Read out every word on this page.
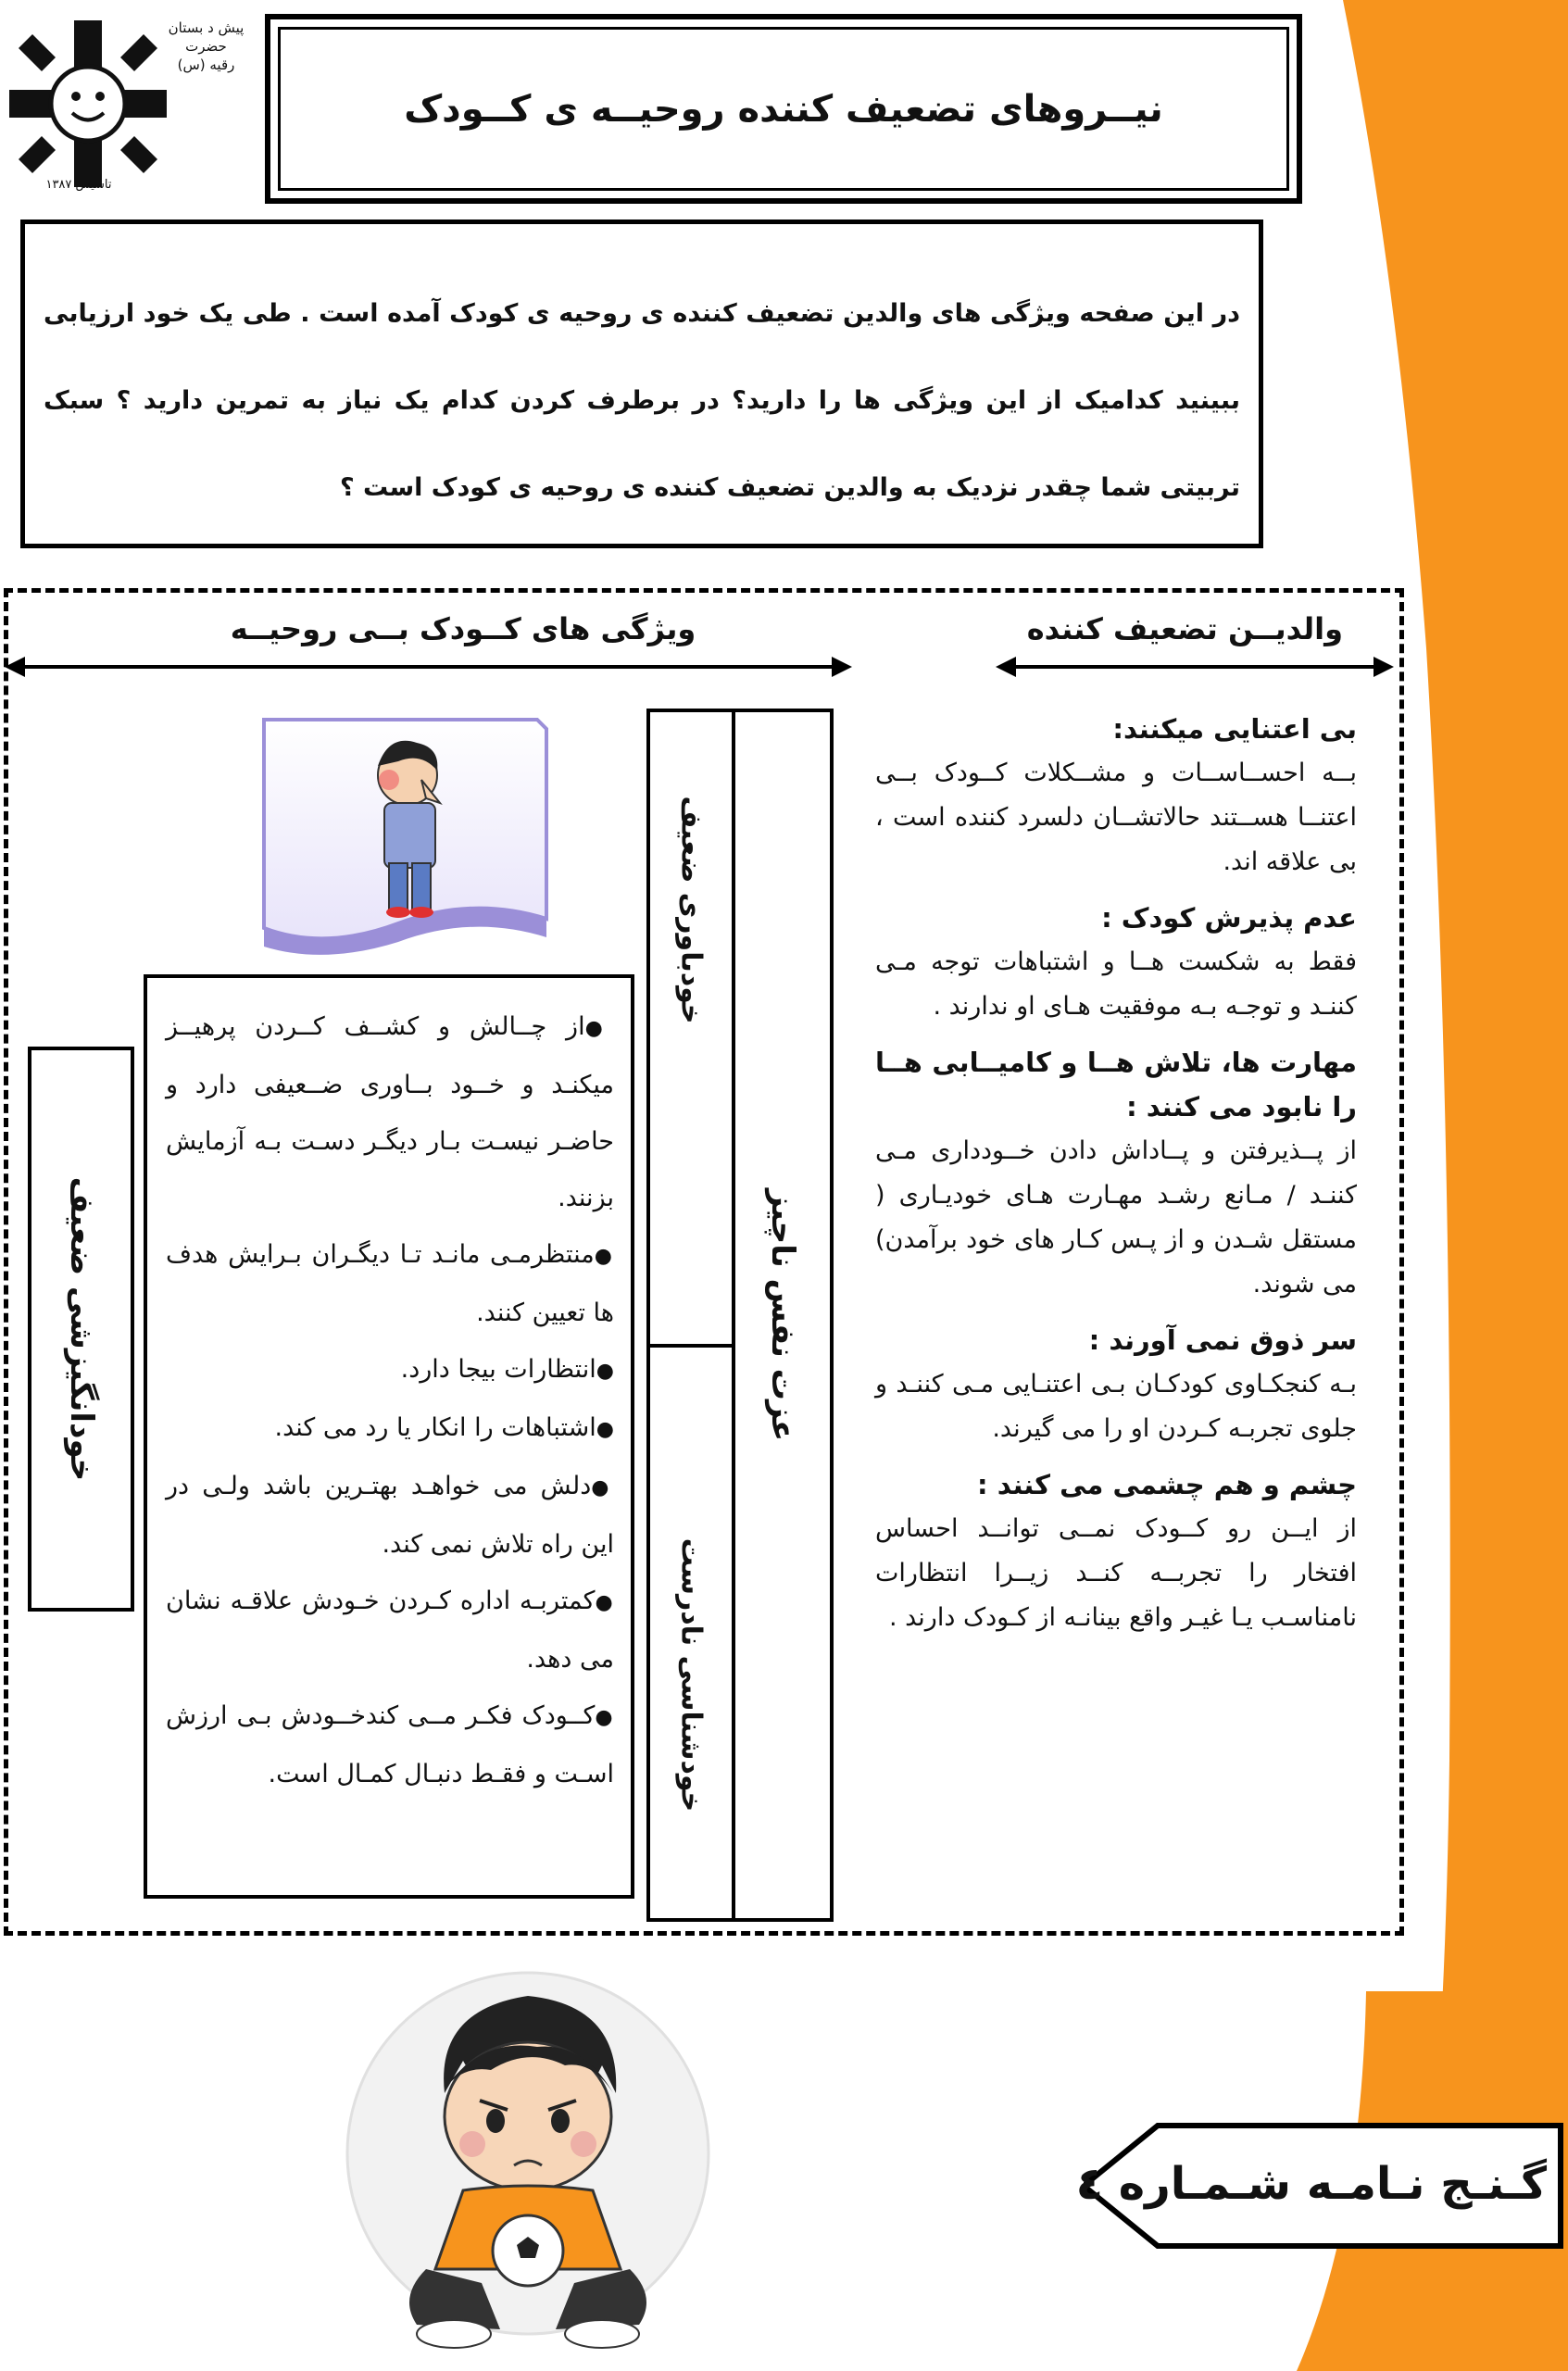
پیش د بستان
حضرت
رقیه (س)
تاسیس ۱۳۸۷
نیــروهای تضعیف کننده روحیــه ی کــودک
در این صفحه ویژگی های والدین تضعیف کننده ی روحیه ی کودک آمده است . طی یک خود ارزیابی ببینید کدامیک از این ویژگی ها را دارید؟ در برطرف کردن کدام یک نیاز به تمرین دارید ؟ سبک تربیتی شما چقدر نزدیک به والدین تضعیف کننده ی روحیه ی کودک است ؟
والدیــن تضعیف کننده
ویژگی های کــودک بــی روحیــه
بی اعتنایی میکنند:

بــه احســاســات و مشــکلات کــودک بــی اعتنــا هســتند حالاتشــان دلسرد کننده است ، بی علاقه اند.

عدم پذیرش کودک :

فقط به شکست هــا و اشتباهات توجه مـی کننـد و توجـه بـه موفقیت هـای او ندارند .

مهارت ها، تلاش هــا و کامیــابی هــا را نابود می کنند :

از پــذیرفتن و پــاداش دادن خــودداری مـی کننـد / مـانع رشـد مهـارت هـای خودیـاری ( مستقل شـدن و از پـس کـار های خود برآمدن) می شوند.

سر ذوق نمی آورند :

بـه کنجکـاوی کودکـان بـی اعتنـایی مـی کننـد و جلوی تجربـه کـردن او را می گیرند.

چشم و هم چشمی می کنند :

از ایــن رو کــودک نمــی توانــد احساس افتخار را تجربــه کنــد زیــرا انتظارات نامناسـب یـا غیـر واقع بینانـه از کـودک دارند .

عزت نفس ناچیز
خودباوری ضعیف
خودشناسی نادرست
خودانگیزشی ضعیف
●از چــالش و کشــف کــردن پرهیــز میکنـد و خــود بــاوری ضــعیفی دارد و حاضـر نیسـت بـار دیگـر دسـت بـه آزمایش بزنند.
●منتظرمـی مانـد تـا دیگـران بـرایش هدف ها تعیین کنند.
●انتظارات بیجا دارد.
●اشتباهات را انکار یا رد می کند.
●دلش می خواهـد بهتـرین باشد ولـی در این راه تلاش نمی کند.
●کمتربـه اداره کـردن خـودش علاقـه نشان می دهد.
●کــودک فکـر مــی کندخــودش بـی ارزش اسـت و فقـط دنبـال کمـال است.
گـنـج نـامـه شـمـاره ٤
